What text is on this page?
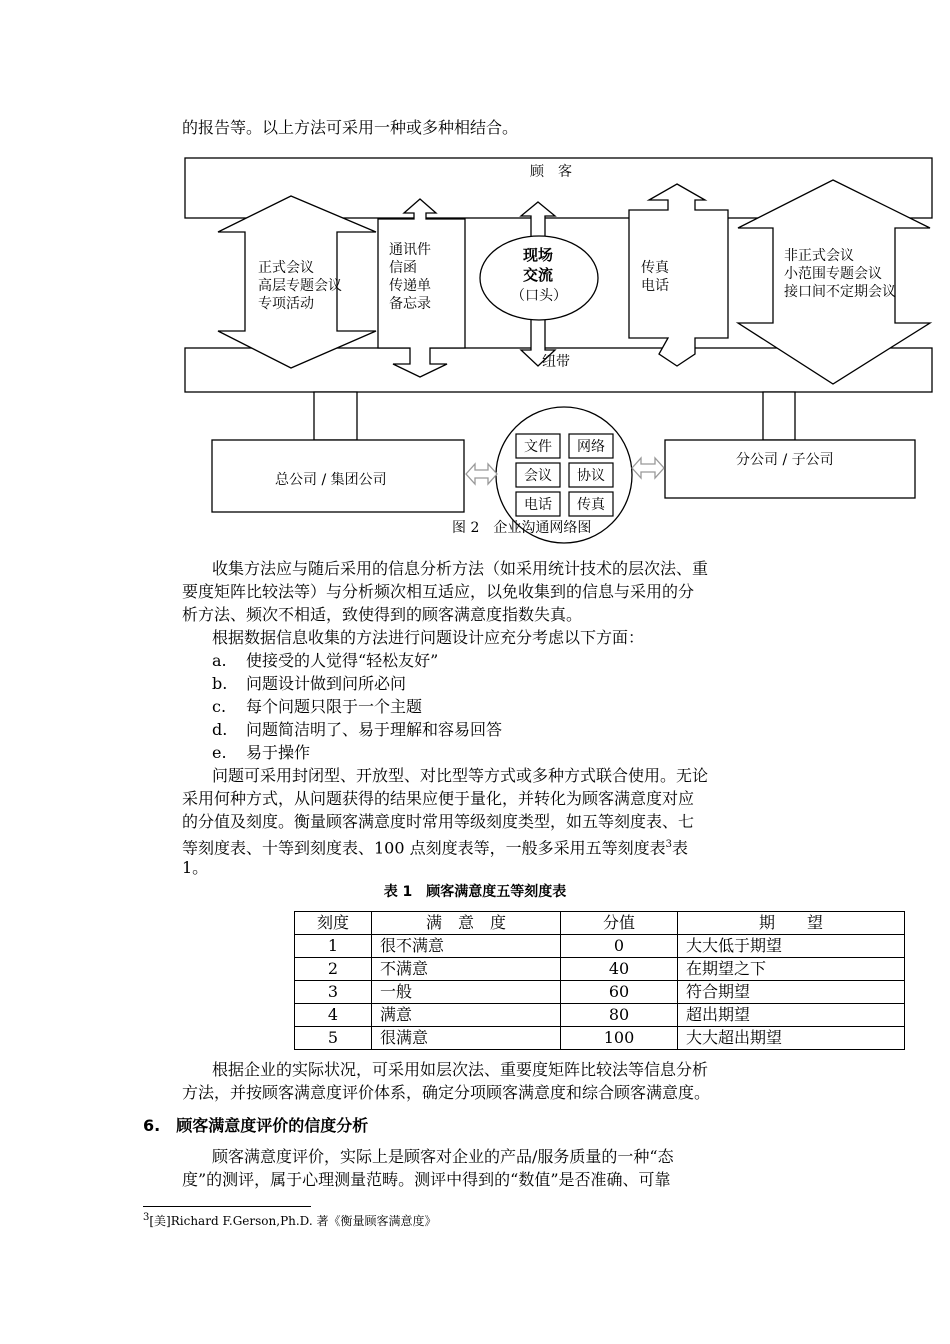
的报告等。以上方法可采用一种或多种相结合。

顾　客
纽带
正式会议
高层专题会议
专项活动
通讯件
信函
传递单
备忘录
现场
交流
（口头）
传真
电话
非正式会议
小范围专题会议
接口间不定期会议
总公司 / 集团公司
分公司 / 子公司
文件 网络
会议 协议
电话 传真
图 2　企业沟通网络图

收集方法应与随后采用的信息分析方法（如采用统计技术的层次法、重

要度矩阵比较法等）与分析频次相互适应，以免收集到的信息与采用的分

析方法、频次不相适，致使得到的顾客满意度指数失真。

根据数据信息收集的方法进行问题设计应充分考虑以下方面：

a. 使接受的人觉得“轻松友好”
b. 问题设计做到问所必问
c. 每个问题只限于一个主题
d. 问题简洁明了、易于理解和容易回答
e. 易于操作

问题可采用封闭型、开放型、对比型等方式或多种方式联合使用。无论

采用何种方式，从问题获得的结果应便于量化，并转化为顾客满意度对应

的分值及刻度。衡量顾客满意度时常用等级刻度类型，如五等刻度表、七

等刻度表、十等到刻度表、100 点刻度表等，一般多采用五等刻度表$^3$表

1。

表 1　顾客满意度五等刻度表
刻度	满　意　度	分值	期　　望
1	很不满意	0	大大低于期望
2	不满意	40	在期望之下
3	一般	60	符合期望
4	满意	80	超出期望
5	很满意	100	大大超出期望

根据企业的实际状况，可采用如层次法、重要度矩阵比较法等信息分析

方法，并按顾客满意度评价体系，确定分项顾客满意度和综合顾客满意度。

6.　顾客满意度评价的信度分析

顾客满意度评价，实际上是顾客对企业的产品/服务质量的一种“态

度”的测评，属于心理测量范畴。测评中得到的“数值”是否准确、可靠

$^3$[美]Richard F.Gerson,Ph.D. 著《衡量顾客满意度》
